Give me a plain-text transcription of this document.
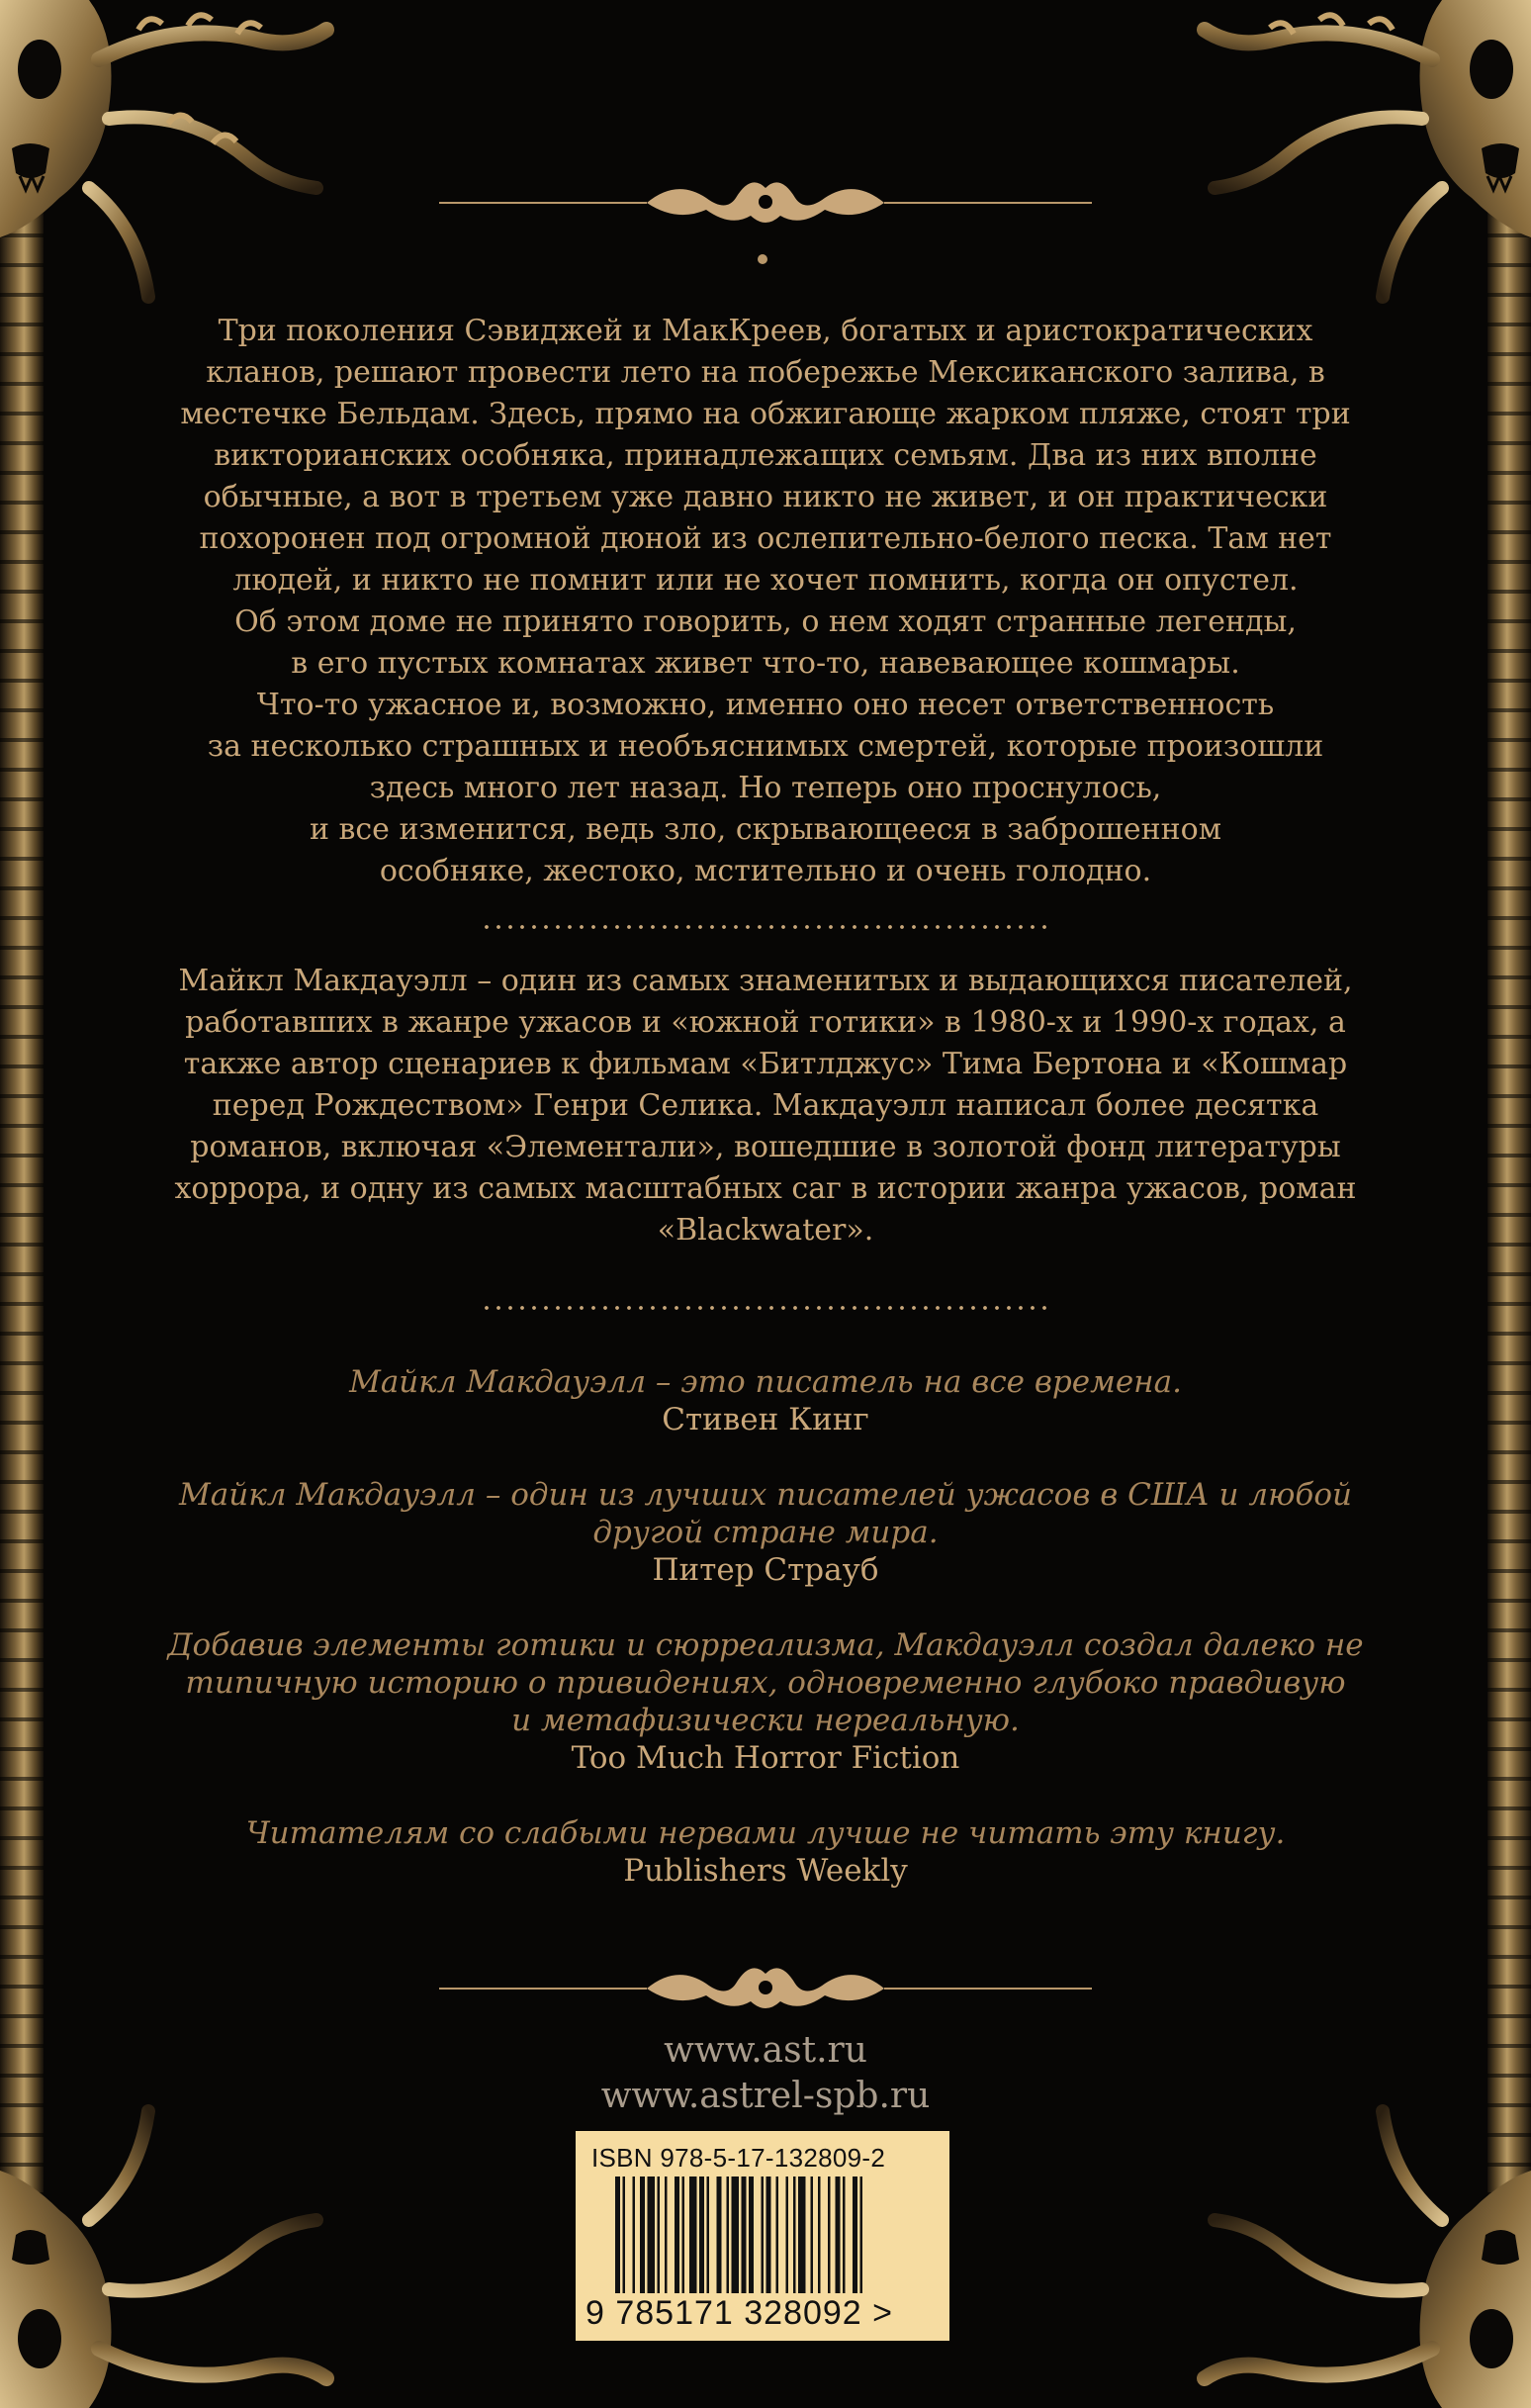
Три поколения Сэвиджей и МакКреев, богатых и аристократических

кланов, решают провести лето на побережье Мексиканского залива, в

местечке Бельдам. Здесь, прямо на обжигающе жарком пляже, стоят три

викторианских особняка, принадлежащих семьям. Два из них вполне

обычные, а вот в третьем уже давно никто не живет, и он практически

похоронен под огромной дюной из ослепительно-белого песка. Там нет

людей, и никто не помнит или не хочет помнить, когда он опустел.

Об этом доме не принято говорить, о нем ходят странные легенды,

в его пустых комнатах живет что-то, навевающее кошмары.

Что-то ужасное и, возможно, именно оно несет ответственность

за несколько страшных и необъяснимых смертей, которые произошли

здесь много лет назад. Но теперь оно проснулось,

и все изменится, ведь зло, скрывающееся в заброшенном

особняке, жестоко, мстительно и очень голодно.

Майкл Макдауэлл – один из самых знаменитых и выдающихся писателей,

работавших в жанре ужасов и «южной готики» в 1980-х и 1990-х годах, а

также автор сценариев к фильмам «Битлджус» Тима Бертона и «Кошмар

перед Рождеством» Генри Селика. Макдауэлл написал более десятка

романов, включая «Элементали», вошедшие в золотой фонд литературы

хоррора, и одну из самых масштабных саг в истории жанра ужасов, роман

«Blackwater».

Майкл Макдауэлл – это писатель на все времена.

Стивен Кинг

Майкл Макдауэлл – один из лучших писателей ужасов в США и любой

другой стране мира.

Питер Страуб

Добавив элементы готики и сюрреализма, Макдауэлл создал далеко не

типичную историю о привидениях, одновременно глубоко правдивую

и метафизически нереальную.

Too Much Horror Fiction

Читателям со слабыми нервами лучше не читать эту книгу.

Publishers Weekly

www.ast.ru
www.astrel-spb.ru
ISBN 978-5-17-132809-2
9 785171 328092 >
